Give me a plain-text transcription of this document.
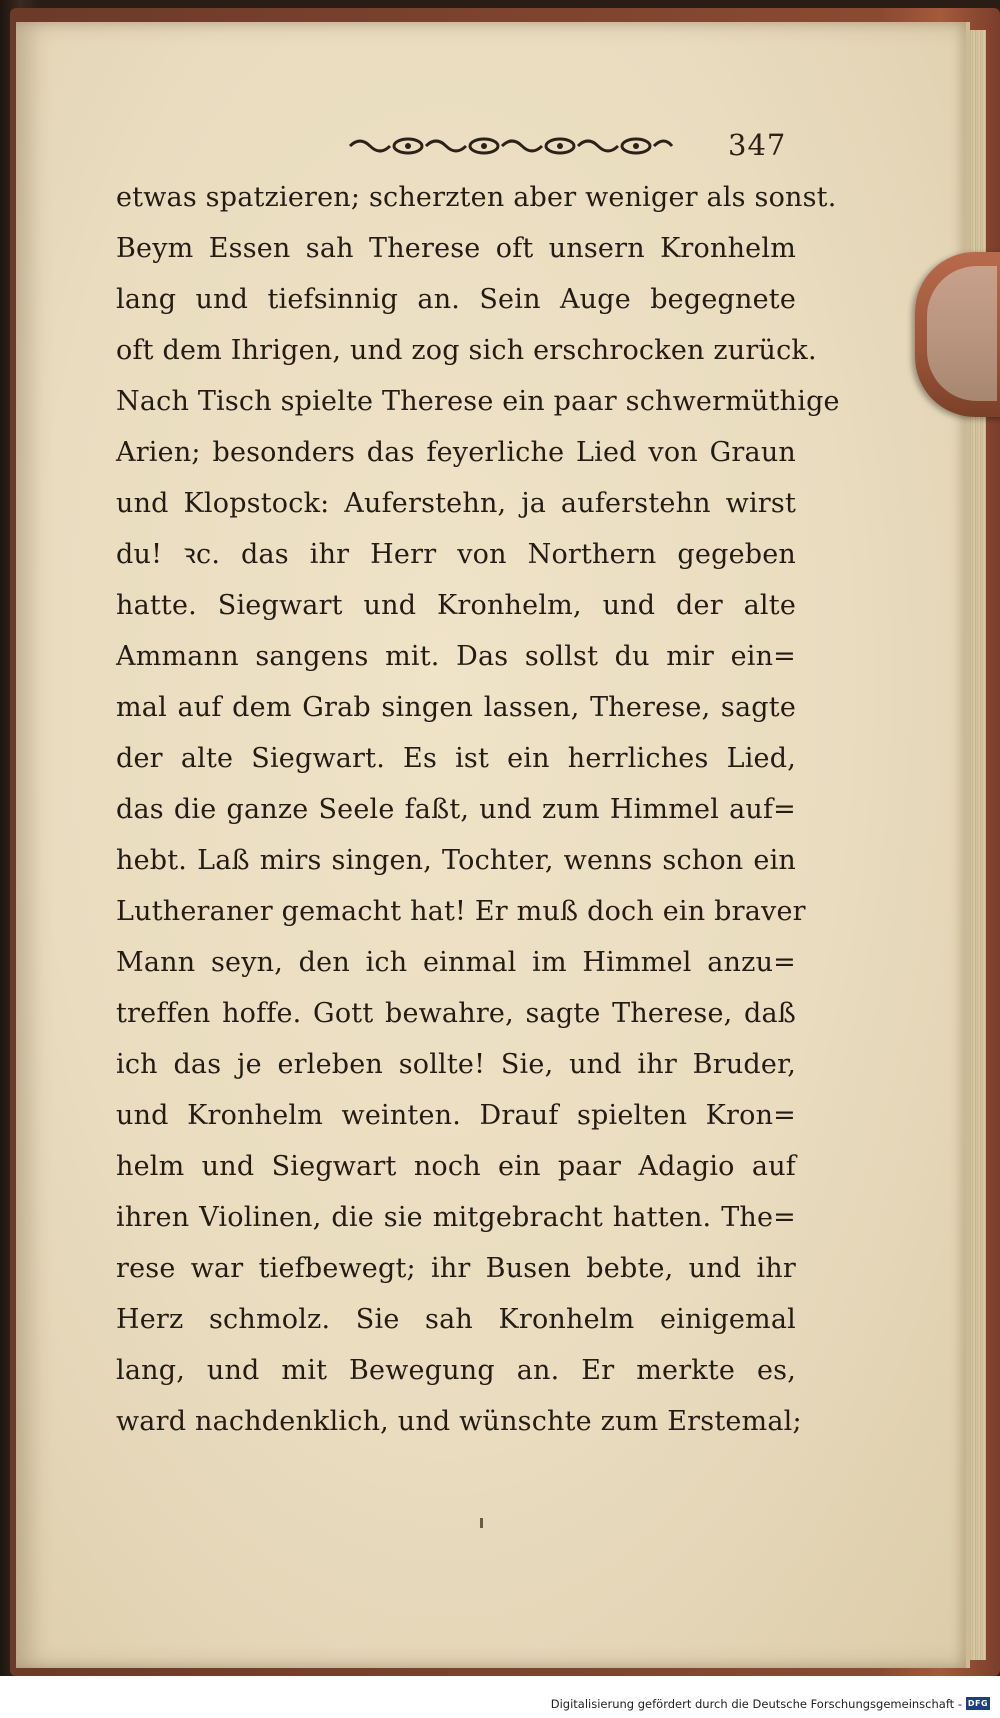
347
etwas spatzieren; scherzten aber weniger als sonst.
Beym Essen sah Therese oft unsern Kronhelm
lang und tiefsinnig an. Sein Auge begegnete
oft dem Ihrigen, und zog sich erschrocken zurück.
Nach Tisch spielte Therese ein paar schwermüthige
Arien; besonders das feyerliche Lied von Graun
und Klopstock: Auferstehn, ja auferstehn wirst
du! ꝛc. das ihr Herr von Northern gegeben
hatte. Siegwart und Kronhelm, und der alte
Ammann sangens mit. Das sollst du mir ein=
mal auf dem Grab singen lassen, Therese, sagte
der alte Siegwart. Es ist ein herrliches Lied,
das die ganze Seele faßt, und zum Himmel auf=
hebt. Laß mirs singen, Tochter, wenns schon ein
Lutheraner gemacht hat! Er muß doch ein braver
Mann seyn, den ich einmal im Himmel anzu=
treffen hoffe. Gott bewahre, sagte Therese, daß
ich das je erleben sollte! Sie, und ihr Bruder,
und Kronhelm weinten. Drauf spielten Kron=
helm und Siegwart noch ein paar Adagio auf
ihren Violinen, die sie mitgebracht hatten. The=
rese war tiefbewegt; ihr Busen bebte, und ihr
Herz schmolz. Sie sah Kronhelm einigemal
lang, und mit Bewegung an. Er merkte es,
ward nachdenklich, und wünschte zum Erstemal;
Digitalisierung gefördert durch die Deutsche Forschungsgemeinschaft - DFG
